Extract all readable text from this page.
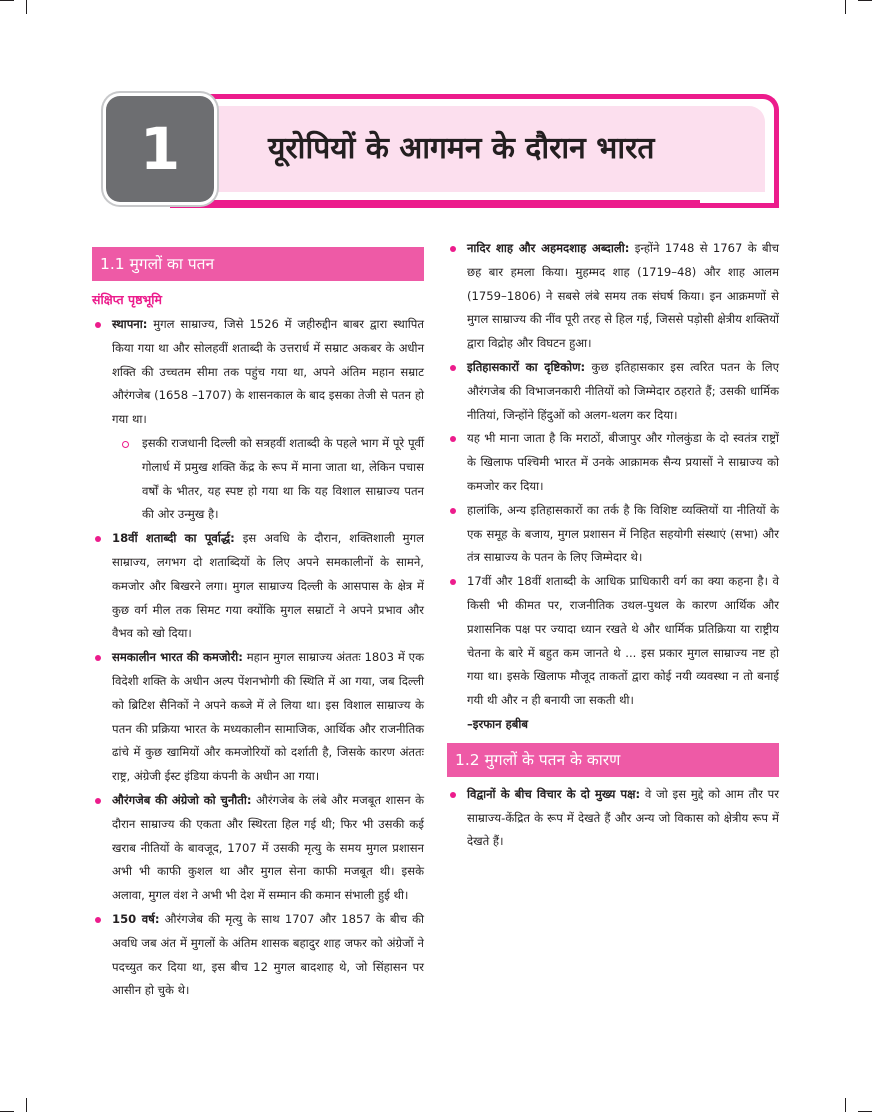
1	यूरोपियों के आगमन के दौरान भारत
1.1 मुगलों का पतन
संक्षिप्त पृष्ठभूमि
स्थापना: मुगल साम्राज्य, जिसे 1526 में जहीरुद्दीन बाबर द्वारा स्थापित किया गया था और सोलहवीं शताब्दी के उत्तरार्ध में सम्राट अकबर के अधीन शक्ति की उच्चतम सीमा तक पहुंच गया था, अपने अंतिम महान सम्राट औरंगजेब (1658 –1707) के शासनकाल के बाद इसका तेजी से पतन हो गया था।
इसकी राजधानी दिल्ली को सत्रहवीं शताब्दी के पहले भाग में पूरे पूर्वी गोलार्ध में प्रमुख शक्ति केंद्र के रूप में माना जाता था, लेकिन पचास वर्षों के भीतर, यह स्पष्ट हो गया था कि यह विशाल साम्राज्य पतन की ओर उन्मुख है।
18वीं शताब्दी का पूर्वार्द्ध: इस अवधि के दौरान, शक्तिशाली मुगल साम्राज्य, लगभग दो शताब्दियों के लिए अपने समकालीनों के सामने, कमजोर और बिखरने लगा। मुगल साम्राज्य दिल्ली के आसपास के क्षेत्र में कुछ वर्ग मील तक सिमट गया क्योंकि मुगल सम्राटों ने अपने प्रभाव और वैभव को खो दिया।
समकालीन भारत की कमजोरी: महान मुगल साम्राज्य अंततः 1803 में एक विदेशी शक्ति के अधीन अल्प पेंशनभोगी की स्थिति में आ गया, जब दिल्ली को ब्रिटिश सैनिकों ने अपने कब्जे में ले लिया था। इस विशाल साम्राज्य के पतन की प्रक्रिया भारत के मध्यकालीन सामाजिक, आर्थिक और राजनीतिक ढांचे में कुछ खामियों और कमजोरियों को दर्शाती है, जिसके कारण अंततः राष्ट्र, अंग्रेजी ईस्ट इंडिया कंपनी के अधीन आ गया।
औरंगजेब की अंग्रेजो को चुनौती: औरंगजेब के लंबे और मजबूत शासन के दौरान साम्राज्य की एकता और स्थिरता हिल गई थी; फिर भी उसकी कई खराब नीतियों के बावजूद, 1707 में उसकी मृत्यु के समय मुगल प्रशासन अभी भी काफी कुशल था और मुगल सेना काफी मजबूत थी। इसके अलावा, मुगल वंश ने अभी भी देश में सम्मान की कमान संभाली हुई थी।
150 वर्ष: औरंगजेब की मृत्यु के साथ 1707 और 1857 के बीच की अवधि जब अंत में मुगलों के अंतिम शासक बहादुर शाह जफर को अंग्रेजों ने पदच्युत कर दिया था, इस बीच 12 मुगल बादशाह थे, जो सिंहासन पर आसीन हो चुके थे।
नादिर शाह और अहमदशाह अब्दाली: इन्होंने 1748 से 1767 के बीच छह बार हमला किया। मुहम्मद शाह (1719–48) और शाह आलम (1759–1806) ने सबसे लंबे समय तक संघर्ष किया। इन आक्रमणों से मुगल साम्राज्य की नींव पूरी तरह से हिल गई, जिससे पड़ोसी क्षेत्रीय शक्तियों द्वारा विद्रोह और विघटन हुआ।
इतिहासकारों का दृष्टिकोण: कुछ इतिहासकार इस त्वरित पतन के लिए औरंगजेब की विभाजनकारी नीतियों को जिम्मेदार ठहराते हैं; उसकी धार्मिक नीतियां, जिन्होंने हिंदुओं को अलग-थलग कर दिया।
यह भी माना जाता है कि मराठों, बीजापुर और गोलकुंडा के दो स्वतंत्र राष्ट्रों के खिलाफ पश्चिमी भारत में उनके आक्रामक सैन्य प्रयासों ने साम्राज्य को कमजोर कर दिया।
हालांकि, अन्य इतिहासकारों का तर्क है कि विशिष्ट व्यक्तियों या नीतियों के एक समूह के बजाय, मुगल प्रशासन में निहित सहयोगी संस्थाएं (सभा) और तंत्र साम्राज्य के पतन के लिए जिम्मेदार थे।
17वीं और 18वीं शताब्दी के आधिक प्राधिकारी वर्ग का क्या कहना है। वे किसी भी कीमत पर, राजनीतिक उथल-पुथल के कारण आर्थिक और प्रशासनिक पक्ष पर ज्यादा ध्यान रखते थे और धार्मिक प्रतिक्रिया या राष्ट्रीय चेतना के बारे में बहुत कम जानते थे ... इस प्रकार मुगल साम्राज्य नष्ट हो गया था। इसके खिलाफ मौजूद ताकतों द्वारा कोई नयी व्यवस्था न तो बनाई गयी थी और न ही बनायी जा सकती थी।
–इरफान हबीब
1.2 मुगलों के पतन के कारण
विद्वानों के बीच विचार के दो मुख्य पक्ष: वे जो इस मुद्दे को आम तौर पर साम्राज्य-केंद्रित के रूप में देखते हैं और अन्य जो विकास को क्षेत्रीय रूप में देखते हैं।
